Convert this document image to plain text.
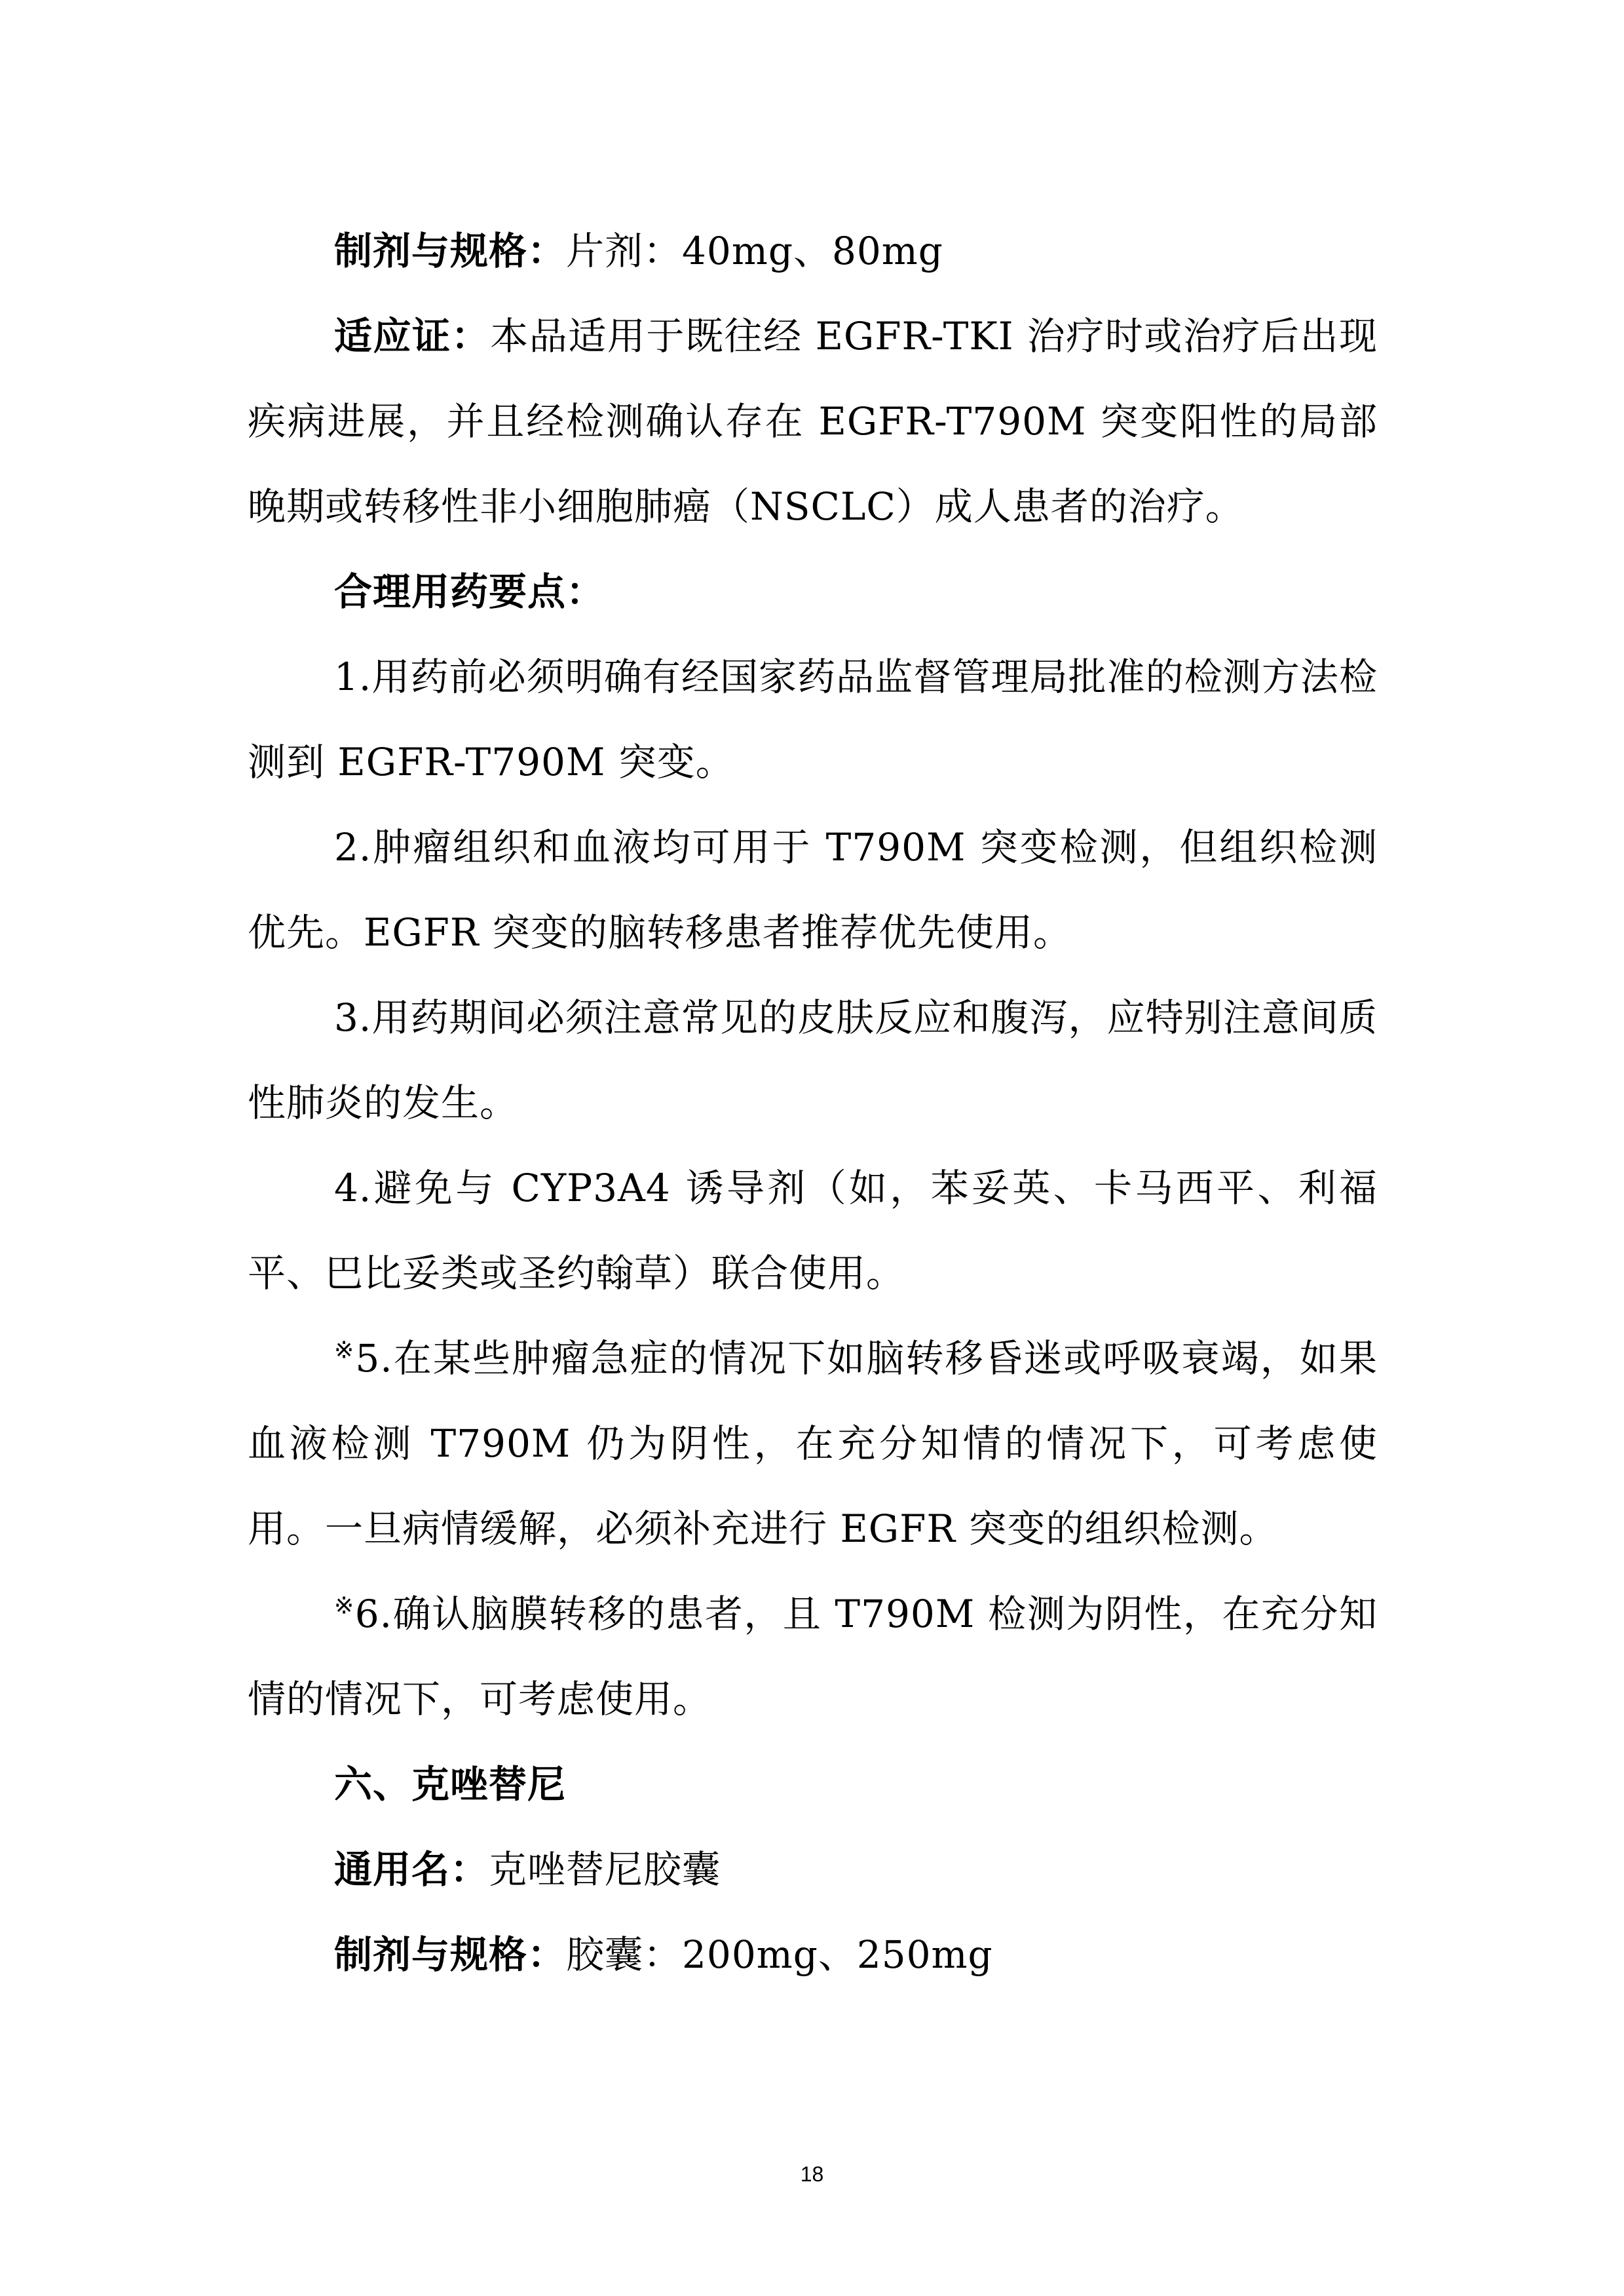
制剂与规格：片剂：40mg、80mg

适应证：本品适用于既往经 EGFR-TKI 治疗时或治疗后出现疾病进展，并且经检测确认存在 EGFR-T790M 突变阳性的局部晚期或转移性非小细胞肺癌（NSCLC）成人患者的治疗。

合理用药要点：

1.用药前必须明确有经国家药品监督管理局批准的检测方法检测到 EGFR-T790M 突变。

2.肿瘤组织和血液均可用于 T790M 突变检测，但组织检测优先。EGFR 突变的脑转移患者推荐优先使用。

3.用药期间必须注意常见的皮肤反应和腹泻，应特别注意间质性肺炎的发生。

4.避免与 CYP3A4 诱导剂（如，苯妥英、卡马西平、利福平、巴比妥类或圣约翰草）联合使用。

※5.在某些肿瘤急症的情况下如脑转移昏迷或呼吸衰竭，如果血液检测 T790M 仍为阴性，在充分知情的情况下，可考虑使用。一旦病情缓解，必须补充进行 EGFR 突变的组织检测。

※6.确认脑膜转移的患者，且 T790M 检测为阴性，在充分知情的情况下，可考虑使用。

六、克唑替尼

通用名：克唑替尼胶囊

制剂与规格：胶囊：200mg、250mg

18
